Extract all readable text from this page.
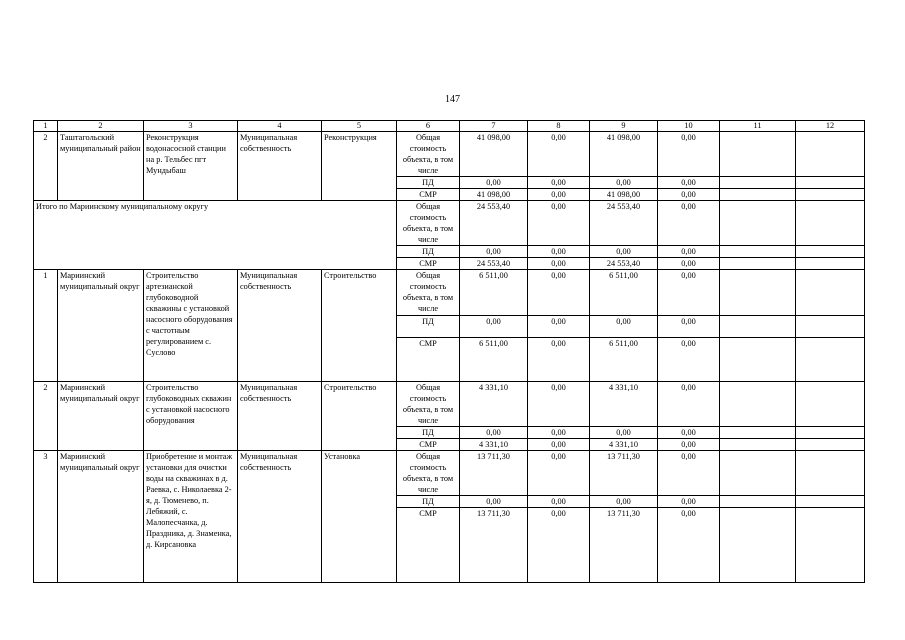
147
1	2	3	4	5	6	7	8	9	10	11	12
2	Таштагольский муниципальный район	Реконструкция водонасосной станции на р. Тельбес пгт Мундыбаш	Муниципальная собственность	Реконструкция	Общая стоимость объекта, в том числе	41 098,00	0,00	41 098,00	0,00		
					ПД	0,00	0,00	0,00	0,00		
					СМР	41 098,00	0,00	41 098,00	0,00		
Итого по Мариинскому муниципальному округу					Общая стоимость объекта, в том числе	24 553,40	0,00	24 553,40	0,00		
					ПД	0,00	0,00	0,00	0,00		
					СМР	24 553,40	0,00	24 553,40	0,00		
1	Мариинский муниципальный округ	Строительство артезианской глубоководной скважины с установкой насосного оборудования с частотным регулированием с. Суслово	Муниципальная собственность	Строительство	Общая стоимость объекта, в том числе	6 511,00	0,00	6 511,00	0,00		
					ПД	0,00	0,00	0,00	0,00		
					СМР	6 511,00	0,00	6 511,00	0,00		
2	Мариинский муниципальный округ	Строительство глубоководных скважин с установкой насосного оборудования	Муниципальная собственность	Строительство	Общая стоимость объекта, в том числе	4 331,10	0,00	4 331,10	0,00		
					ПД	0,00	0,00	0,00	0,00		
					СМР	4 331,10	0,00	4 331,10	0,00		
3	Мариинский муниципальный округ	Приобретение и монтаж установки для очистки воды на скважинах в д. Раевка, с. Николаевка 2-я, д. Тюменево, п. Лебяжий, с. Малопесчанка, д. Праздника, д. Знаменка, д. Кирсановка	Муниципальная собственность	Установка	Общая стоимость объекта, в том числе	13 711,30	0,00	13 711,30	0,00		
					ПД	0,00	0,00	0,00	0,00		
					СМР	13 711,30	0,00	13 711,30	0,00		
